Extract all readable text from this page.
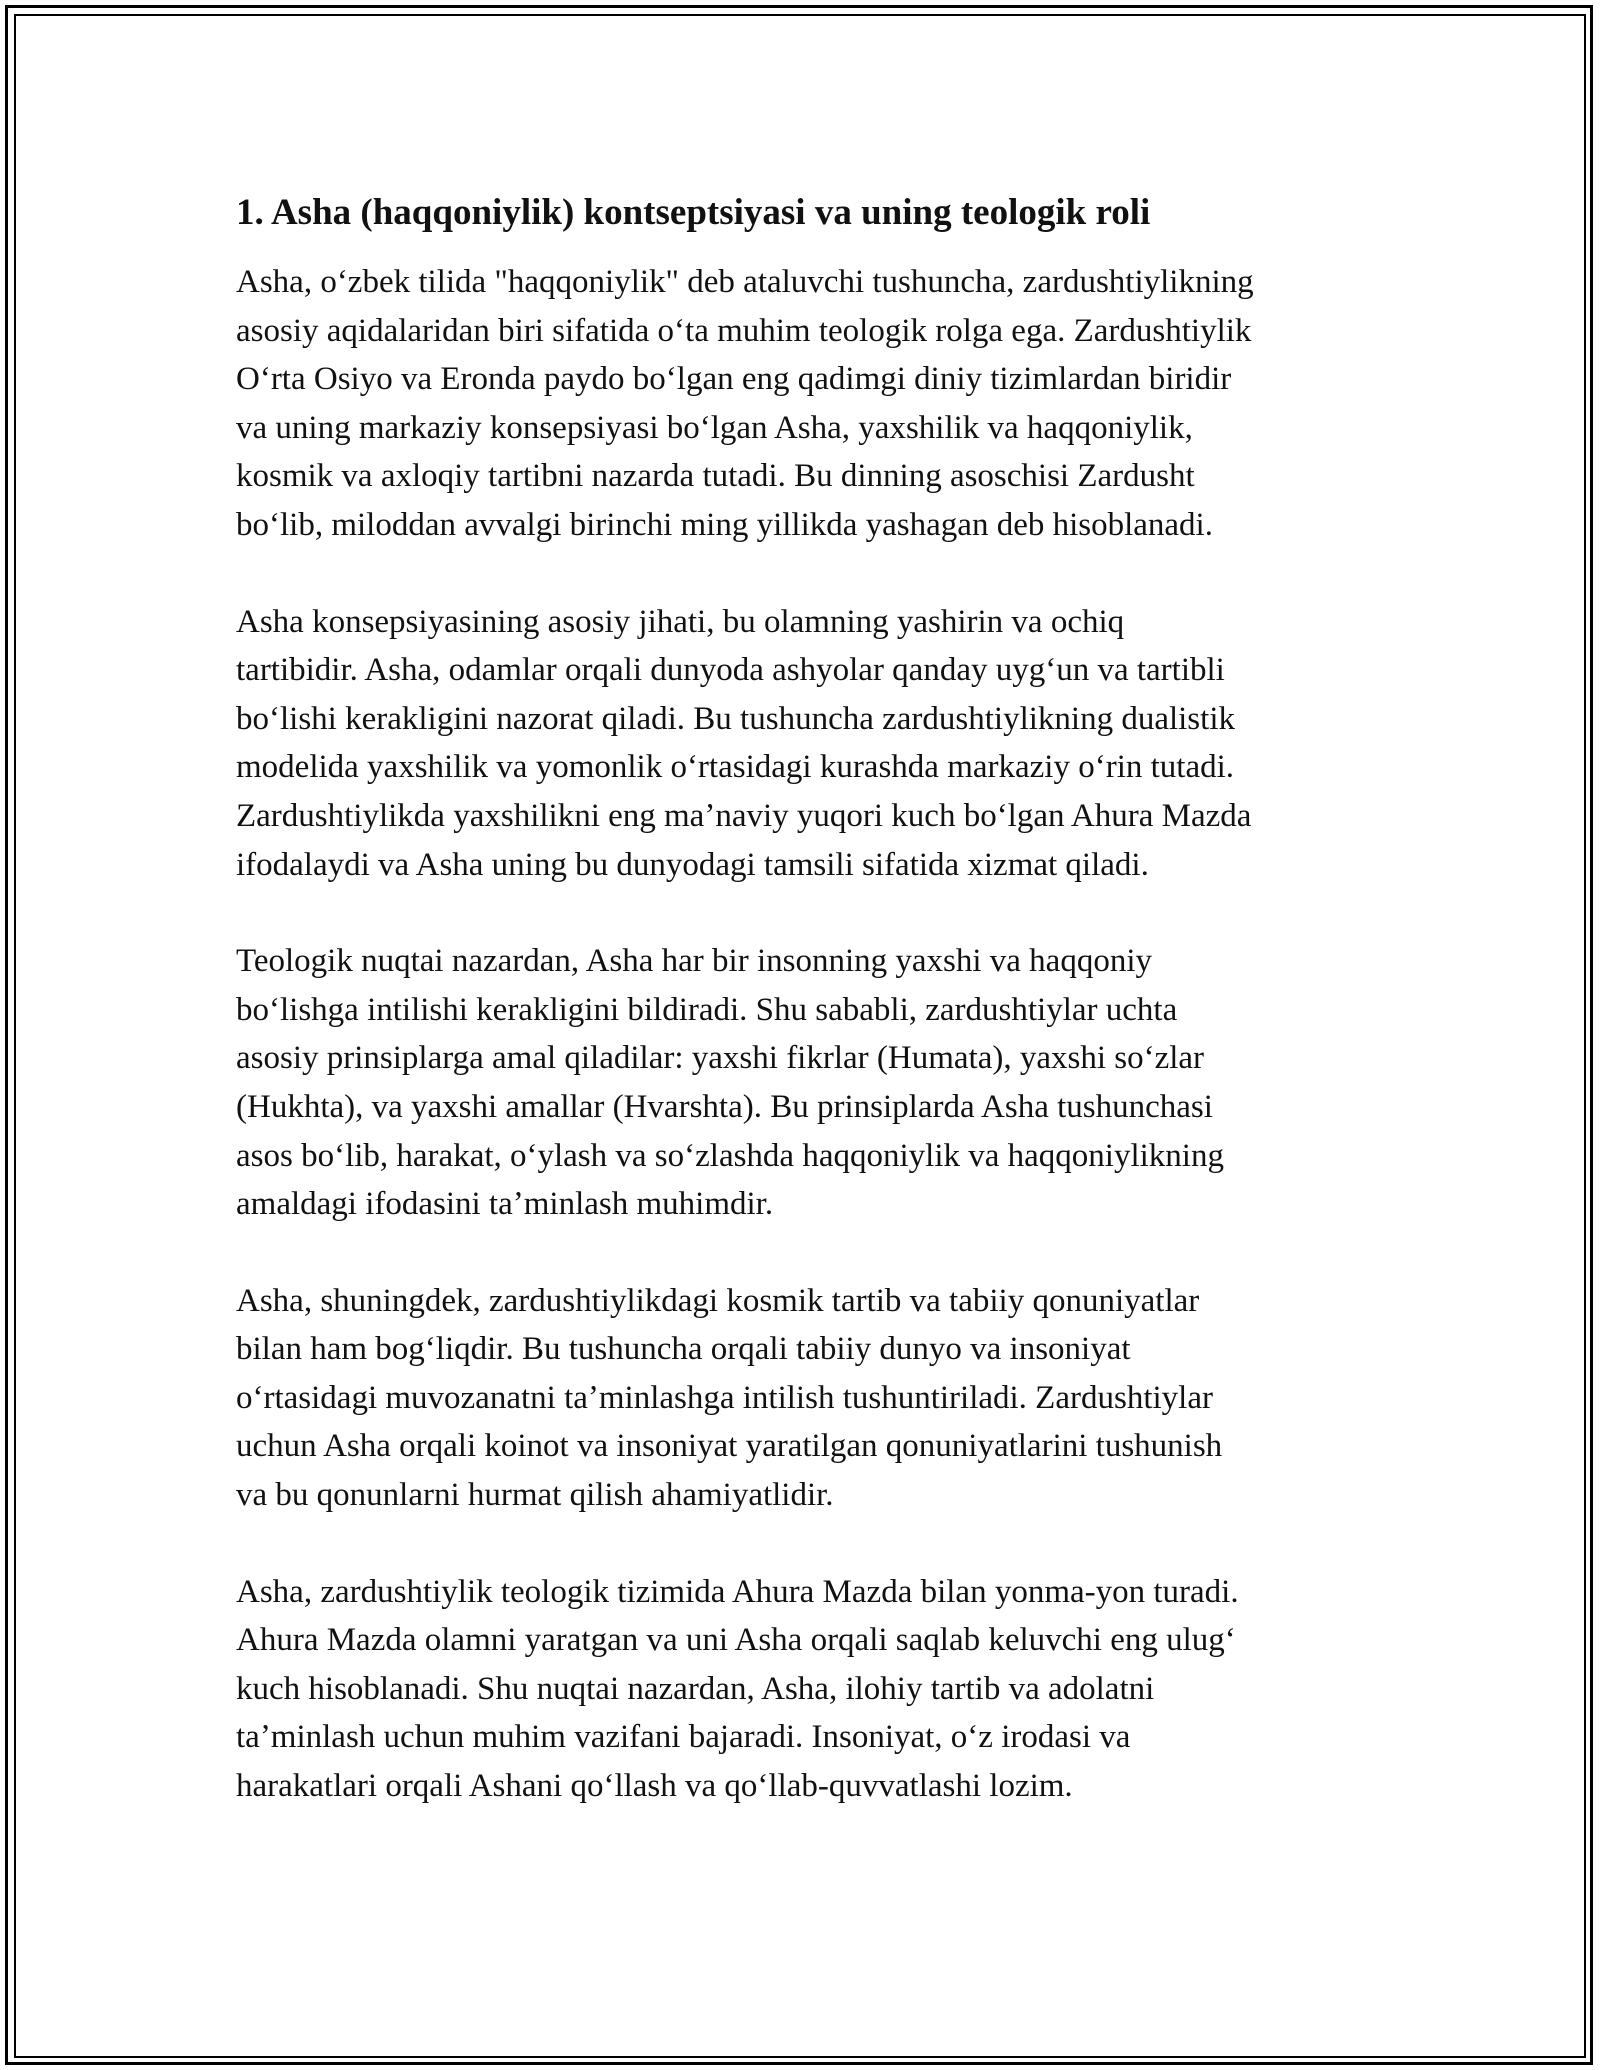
1. Asha (haqqoniylik) kontseptsiyasi va uning teologik roli

Asha, oʻzbek tilida "haqqoniylik" deb ataluvchi tushuncha, zardushtiylikning
asosiy aqidalaridan biri sifatida oʻta muhim teologik rolga ega. Zardushtiylik
Oʻrta Osiyo va Eronda paydo boʻlgan eng qadimgi diniy tizimlardan biridir
va uning markaziy konsepsiyasi boʻlgan Asha, yaxshilik va haqqoniylik,
kosmik va axloqiy tartibni nazarda tutadi. Bu dinning asoschisi Zardusht
boʻlib, miloddan avvalgi birinchi ming yillikda yashagan deb hisoblanadi.

Asha konsepsiyasining asosiy jihati, bu olamning yashirin va ochiq
tartibidir. Asha, odamlar orqali dunyoda ashyolar qanday uygʻun va tartibli
boʻlishi kerakligini nazorat qiladi. Bu tushuncha zardushtiylikning dualistik
modelida yaxshilik va yomonlik oʻrtasidagi kurashda markaziy oʻrin tutadi.
Zardushtiylikda yaxshilikni eng maʼnaviy yuqori kuch boʻlgan Ahura Mazda
ifodalaydi va Asha uning bu dunyodagi tamsili sifatida xizmat qiladi.

Teologik nuqtai nazardan, Asha har bir insonning yaxshi va haqqoniy
boʻlishga intilishi kerakligini bildiradi. Shu sababli, zardushtiylar uchta
asosiy prinsiplarga amal qiladilar: yaxshi fikrlar (Humata), yaxshi soʻzlar
(Hukhta), va yaxshi amallar (Hvarshta). Bu prinsiplarda Asha tushunchasi
asos boʻlib, harakat, oʻylash va soʻzlashda haqqoniylik va haqqoniylikning
amaldagi ifodasini taʼminlash muhimdir.

Asha, shuningdek, zardushtiylikdagi kosmik tartib va tabiiy qonuniyatlar
bilan ham bogʻliqdir. Bu tushuncha orqali tabiiy dunyo va insoniyat
oʻrtasidagi muvozanatni taʼminlashga intilish tushuntiriladi. Zardushtiylar
uchun Asha orqali koinot va insoniyat yaratilgan qonuniyatlarini tushunish
va bu qonunlarni hurmat qilish ahamiyatlidir.

Asha, zardushtiylik teologik tizimida Ahura Mazda bilan yonma-yon turadi.
Ahura Mazda olamni yaratgan va uni Asha orqali saqlab keluvchi eng ulugʻ
kuch hisoblanadi. Shu nuqtai nazardan, Asha, ilohiy tartib va adolatni
taʼminlash uchun muhim vazifani bajaradi. Insoniyat, oʻz irodasi va
harakatlari orqali Ashani qoʻllash va qoʻllab-quvvatlashi lozim.
